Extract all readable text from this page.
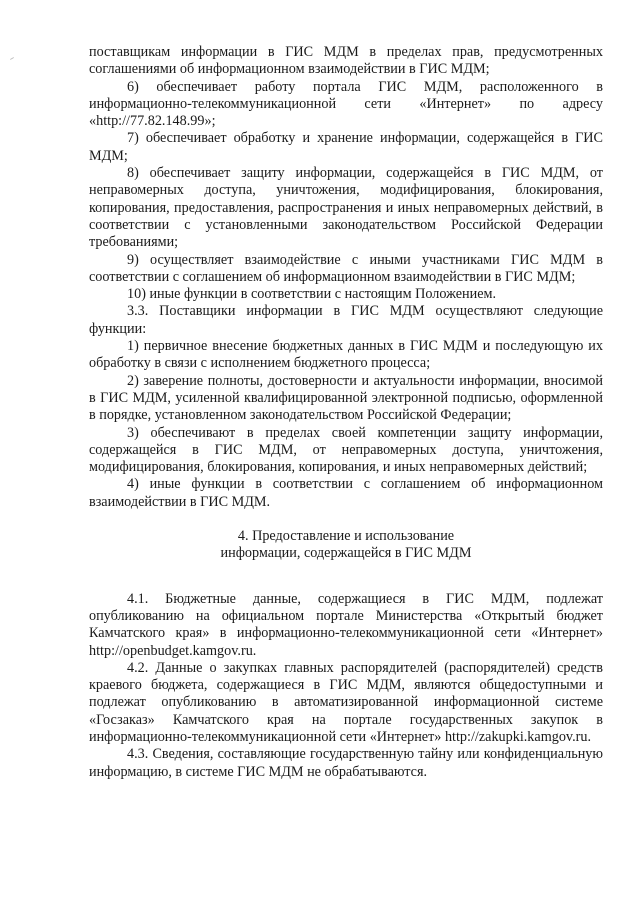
поставщикам информации в ГИС МДМ в пределах прав, предусмотренных соглашениями об информационном взаимодействии в ГИС МДМ;

6) обеспечивает работу портала ГИС МДМ, расположенного в информационно-телекоммуникационной сети «Интернет» по адресу «http://77.82.148.99»;

7) обеспечивает обработку и хранение информации, содержащейся в ГИС МДМ;

8) обеспечивает защиту информации, содержащейся в ГИС МДМ, от неправомерных доступа, уничтожения, модифицирования, блокирования, копирования, предоставления, распространения и иных неправомерных действий, в соответствии с установленными законодательством Российской Федерации требованиями;

9) осуществляет взаимодействие с иными участниками ГИС МДМ в соответствии с соглашением об информационном взаимодействии в ГИС МДМ;

10) иные функции в соответствии с настоящим Положением.

3.3. Поставщики информации в ГИС МДМ осуществляют следующие функции:

1) первичное внесение бюджетных данных в ГИС МДМ и последующую их обработку в связи с исполнением бюджетного процесса;

2) заверение полноты, достоверности и актуальности информации, вносимой в ГИС МДМ, усиленной квалифицированной электронной подписью, оформленной в порядке, установленном законодательством Российской Федерации;

3) обеспечивают в пределах своей компетенции защиту информации, содержащейся в ГИС МДМ, от неправомерных доступа, уничтожения, модифицирования, блокирования, копирования, и иных неправомерных действий;

4) иные функции в соответствии с соглашением об информационном взаимодействии в ГИС МДМ.

4. Предоставление и использование

информации, содержащейся в ГИС МДМ

4.1. Бюджетные данные, содержащиеся в ГИС МДМ, подлежат опубликованию на официальном портале Министерства «Открытый бюджет Камчатского края» в информационно-телекоммуникационной сети «Интернет» http://openbudget.kamgov.ru.

4.2. Данные о закупках главных распорядителей (распорядителей) средств краевого бюджета, содержащиеся в ГИС МДМ, являются общедоступными и подлежат опубликованию в автоматизированной информационной системе «Госзаказ» Камчатского края на портале государственных закупок в информационно-телекоммуникационной сети «Интернет» http://zakupki.kamgov.ru.

4.3. Сведения, составляющие государственную тайну или конфиденциальную информацию, в системе ГИС МДМ не обрабатываются.
